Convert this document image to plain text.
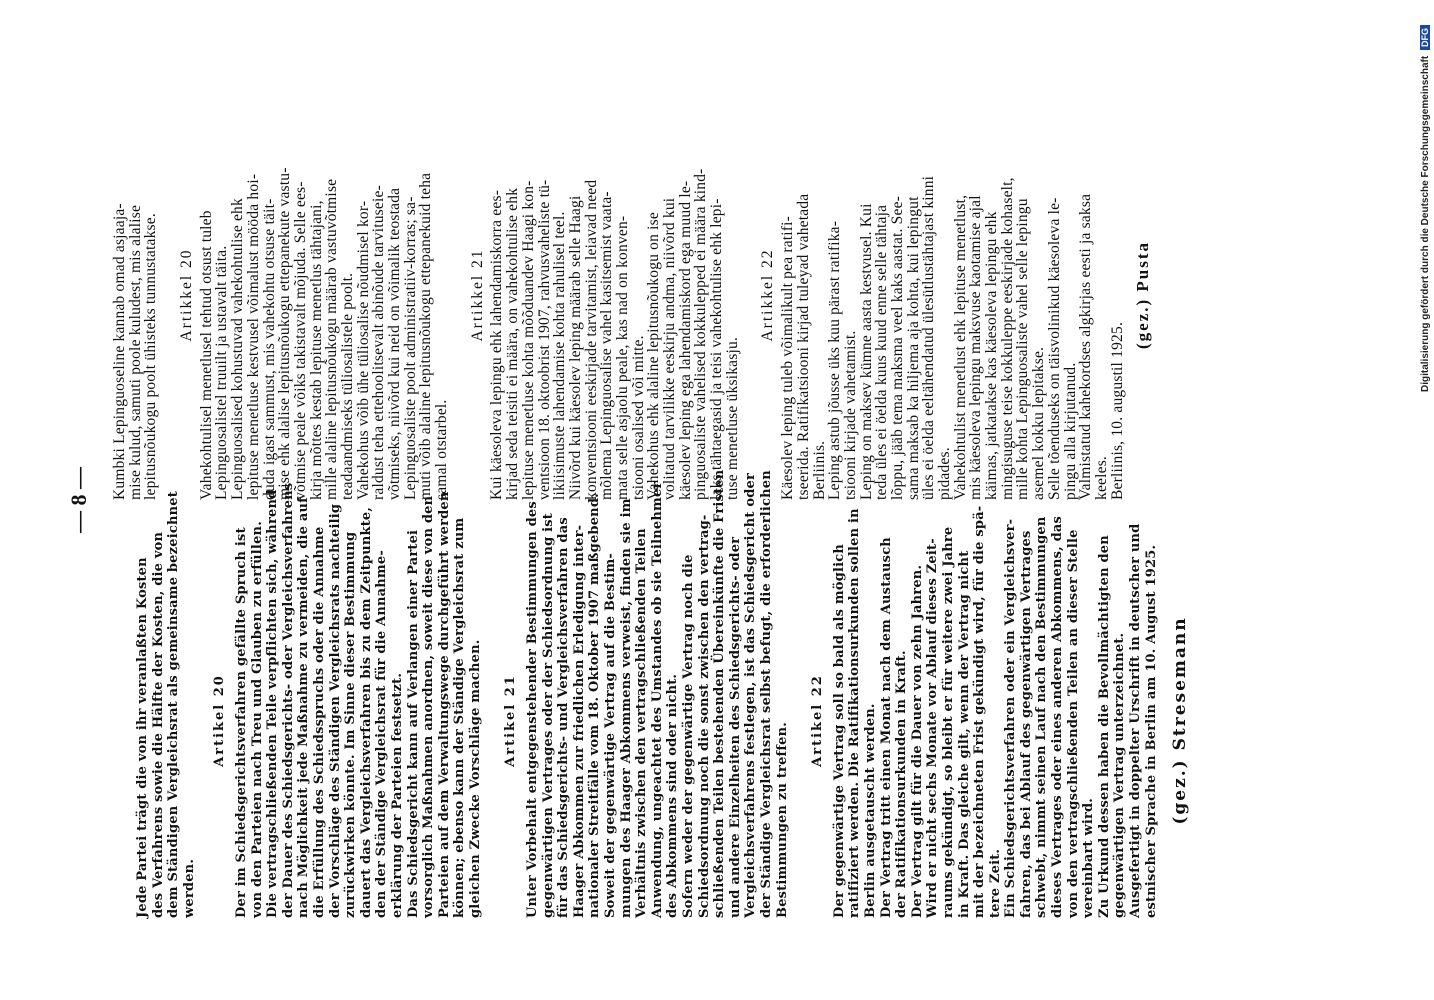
Jede Partei trägt die von ihr veranlaßten Kosten des Verfahrens sowie die Hälfte der Kosten, die von dem Ständigen Vergleichsrat als gemeinsame bezeichnet werden.
Artikel 20 Der im Schiedsgerichtsverfahren gefällte Spruch ist von den Parteien nach Treu und Glauben zu erfüllen. Die vertragschließenden Teile verpflichten sich, während der Dauer des Schiedsgerichts- oder Vergleichsverfahrens nach Möglichkeit jede Maßnahme zu vermeiden, die auf die Erfüllung des Schiedsspruchs oder die Annahme der Vorschläge des Ständigen Vergleichsrats nachteilig zurückwirken könnte. Im Sinne dieser Bestimmung dauert das Vergleichsverfahren bis zu dem Zeitpunkte, den der Ständige Vergleichsrat für die Annahme- erklärung der Parteien festsetzt. Das Schiedsgericht kann auf Verlangen einer Partei vorsorglich Maßnahmen anordnen, soweit diese von den Parteien auf dem Verwaltungswege durchgeführt werden können; ebenso kann der Ständige Vergleichsrat zum gleichen Zwecke Vorschläge machen. Artikel 21 Unter Vorbehalt entgegenstehender Bestimmungen des gegenwärtigen Vertrages oder der Schiedsordnung ist für das Schiedsgerichts- und Vergleichsverfahren das Haager Abkommen zur friedlichen Erledigung inter- nationaler Streitfälle vom 18. Oktober 1907 maßgebend. Soweit der gegenwärtige Vertrag auf die Bestim- mungen des Haager Abkommens verweist, finden sie im Verhältnis zwischen den vertragschließenden Teilen Anwendung, ungeachtet des Umstandes ob sie Teilnehmer des Abkommens sind oder nicht. Sofern weder der gegenwärtige Vertrag noch die Schiedsordnung noch die sonst zwischen den vertrag- schließenden Teilen bestehenden Übereinkünfte die Fristen und andere Einzelheiten des Schiedsgerichts- oder Vergleichsverfahrens festlegen, ist das Schiedsgericht oder der Ständige Vergleichsrat selbst befugt, die erforderlichen Bestimmungen zu treffen.
Artikel 22 Der gegenwärtige Vertrag soll so bald als möglich ratifiziert werden. Die Ratifikationsurkunden sollen in Berlin ausgetauscht werden. Der Vertrag tritt einen Monat nach dem Austausch der Ratifikationsurkunden in Kraft. Der Vertrag gilt für die Dauer von zehn Jahren. Wird er nicht sechs Monate vor Ablauf dieses Zeit- raums gekündigt, so bleibt er für weitere zwei Jahre in Kraft. Das gleiche gilt, wenn der Vertrag nicht mit der bezeichneten Frist gekündigt wird, für die spä- tere Zeit. Ein Schiedsgerichtsverfahren oder ein Vergleichsver- fahren, das bei Ablauf des gegenwärtigen Vertrages schwebt, nimmt seinen Lauf nach den Bestimmungen dieses Vertrages oder eines anderen Abkommens, das von den vertragschließenden Teilen an dieser Stelle vereinbart wird. Zu Urkund dessen haben die Bevollmächtigten den gegenwärtigen Vertrag unterzeichnet. Ausgefertigt in doppelter Urschrift in deutscher und estnischer Sprache in Berlin am 10. August 1925. (gez.) Stresemann
— 8 — Kumbki Lepinguoseline kannab omad asjaaja-
mise kulud, samuti poole kuludest, mis alalise
lepitusnõukogu poolt ühisteks tunnustatakse. Artikkel 20 Vahekohtulisel menetlusel tehtud otsust tuleb
Lepinguosalistel truuilt ja ustavalt täita.
Lepinguosalised kohustuvad vahekohtulise ehk
lepituse menetluse kestvusel võimalust mööda hoi-
duda igast sammust, mis vahekohtu otsuse täit-
mise ehk alalise lepitusnõukogu ettepanekute vastu-
võtmise peale võiks takistavalt mõjuda. Selle ees-
kirja mõttes kestab lepituse menetlus tähtajani,
mille alaline lepitusnõukogu määrab vastuvõtmise
teadaandmiseks tüliosalistele poolt.
Vahekohus võib ühe tüliosalise nõudmisel kor-
raldust teha ettehoolitsevalt abinõude tarvituseie-
võtmiseks, niivõrd kui neid on võimalik teostada
Lepinguosaliste poolt administratiiv-korras; sa-
muti võib alaline lepitusnõukogu ettepanekuid teha
samal otstarbel.
Artikkel 21 Kui käesoleva lepingu ehk lahendamiskorra ees-
kirjad seda teisiti ei määra, on vahekohtulise ehk
lepituse menetluse kohta mõõduandev Haagi kon-
ventsioon 18. oktoobrist 1907, rahvusvaheliste tü-
likiisimuste lahendamise kohta rahulisel teel.
Niivõrd kui käesolev leping määrab selle Haagi
konventsiooni eeskirjade tarvitamist, leiavad need
mõlema Lepinguosalise vahel kasitsemist vaata-
mata selle asjaolu peale, kas nad on konven-
tsiooni osalised või mitte.
Vahekohus ehk alaline lepitusnõukogu on ise
volitatud tarvilikke eeskirju andma, niivõrd kui
käesolev leping ega lahendamiskord ega muud le-
pinguosaliste vahelised kokkulepped ei määra kind-
laks tähtaegasid ja teisi vahekohtulise ehk lepi-
tuse menetluse üksikasju.
Artikkel 22 Käesolev leping tuleb võimalikult pea ratifi-
tseerida. Ratifikatsiooni kirjad tuleyad vahetada
Berliinis.
Leping astub jõusse üks kuu pärast ratifika-
tsiooni kirjade vahetamist.
Leping on maksev kümne aasta kestvusel. Kui
teda üles ei öelda kuus kuud enne selle tähtaja
lõppu, jääb tema maksma veel kaks aastat. See-
sama maksab ka hiljema aja kohta, kui lepingut
üles ei öelda eeltähendatud ülesütlustähtajast kinni
pidades.
Vahekohtulist menetlust ehk lepituse menetlust,
mis käesoleva lepingu maksvuse kaotamise ajal
käimas, jatkatakse kas käesoleva lepingu ehk
mingisuguse teise kokkuleppe eeskirjade kohaselt,
mille kohta Lepinguosaliste vahel selle lepingu
asemel kokku lepitakse.
Selle tõenduseks on täisvolinikud käesoleva le-
pingu alla kirjutanud.
Valmistatud kahekordses algkirjas eesti ja saksa
keeles.
Berliinis, 10. augustil 1925.
(gez.) Pusta	Digitalisierung gefördert durch die Deutsche Forschungsgemeinschaft DFG
